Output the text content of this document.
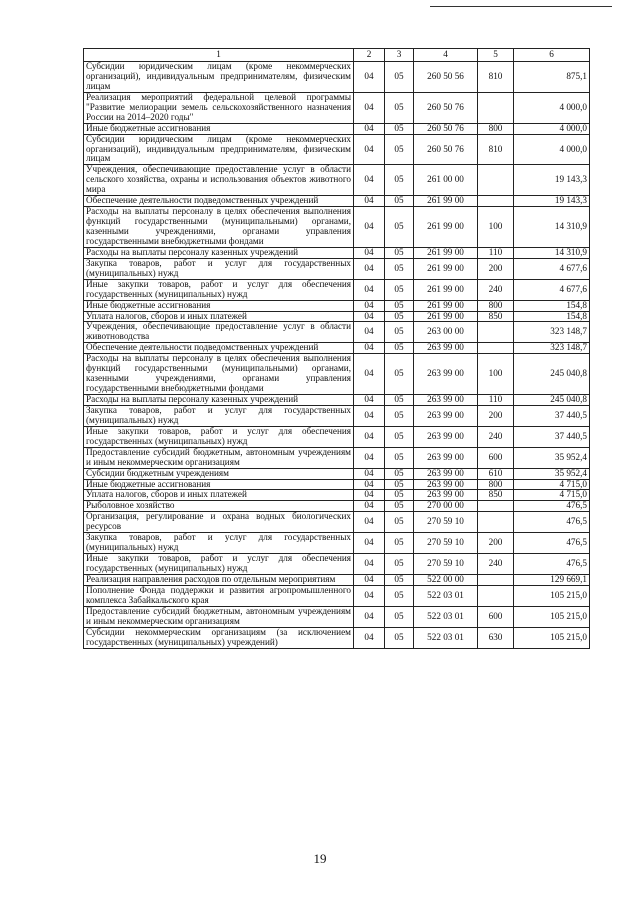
1	2	3	4	5	6
Субсидии юридическим лицам (кроме некоммерческих организаций), индивидуальным предпринимателям, физическим лицам	04	05	260 50 56	810	875,1
Реализация мероприятий федеральной целевой программы "Развитие мелиорации земель сельскохозяйственного назначения России на 2014–2020 годы"	04	05	260 50 76		4 000,0
Иные бюджетные ассигнования	04	05	260 50 76	800	4 000,0
Субсидии юридическим лицам (кроме некоммерческих организаций), индивидуальным предпринимателям, физическим лицам	04	05	260 50 76	810	4 000,0
Учреждения, обеспечивающие предоставление услуг в области сельского хозяйства, охраны и использования объектов животного мира	04	05	261 00 00		19 143,3
Обеспечение деятельности подведомственных учреждений	04	05	261 99 00		19 143,3
Расходы на выплаты персоналу в целях обеспечения выполнения функций государственными (муниципальными) органами, казенными учреждениями, органами управления государственными внебюджетными фондами	04	05	261 99 00	100	14 310,9
Расходы на выплаты персоналу казенных учреждений	04	05	261 99 00	110	14 310,9
Закупка товаров, работ и услуг для государственных (муниципальных) нужд	04	05	261 99 00	200	4 677,6
Иные закупки товаров, работ и услуг для обеспечения государственных (муниципальных) нужд	04	05	261 99 00	240	4 677,6
Иные бюджетные ассигнования	04	05	261 99 00	800	154,8
Уплата налогов, сборов и иных платежей	04	05	261 99 00	850	154,8
Учреждения, обеспечивающие предоставление услуг в области животноводства	04	05	263 00 00		323 148,7
Обеспечение деятельности подведомственных учреждений	04	05	263 99 00		323 148,7
Расходы на выплаты персоналу в целях обеспечения выполнения функций государственными (муниципальными) органами, казенными учреждениями, органами управления государственными внебюджетными фондами	04	05	263 99 00	100	245 040,8
Расходы на выплаты персоналу казенных учреждений	04	05	263 99 00	110	245 040,8
Закупка товаров, работ и услуг для государственных (муниципальных) нужд	04	05	263 99 00	200	37 440,5
Иные закупки товаров, работ и услуг для обеспечения государственных (муниципальных) нужд	04	05	263 99 00	240	37 440,5
Предоставление субсидий бюджетным, автономным учреждениям и иным некоммерческим организациям	04	05	263 99 00	600	35 952,4
Субсидии бюджетным учреждениям	04	05	263 99 00	610	35 952,4
Иные бюджетные ассигнования	04	05	263 99 00	800	4 715,0
Уплата налогов, сборов и иных платежей	04	05	263 99 00	850	4 715,0
Рыболовное хозяйство	04	05	270 00 00		476,5
Организация, регулирование и охрана водных биологических ресурсов	04	05	270 59 10		476,5
Закупка товаров, работ и услуг для государственных (муниципальных) нужд	04	05	270 59 10	200	476,5
Иные закупки товаров, работ и услуг для обеспечения государственных (муниципальных) нужд	04	05	270 59 10	240	476,5
Реализация направления расходов по отдельным мероприятиям	04	05	522 00 00		129 669,1
Пополнение Фонда поддержки и развития агропромышленного комплекса Забайкальского края	04	05	522 03 01		105 215,0
Предоставление субсидий бюджетным, автономным учреждениям и иным некоммерческим организациям	04	05	522 03 01	600	105 215,0
Субсидии некоммерческим организациям (за исключением государственных (муниципальных) учреждений)	04	05	522 03 01	630	105 215,0
19
